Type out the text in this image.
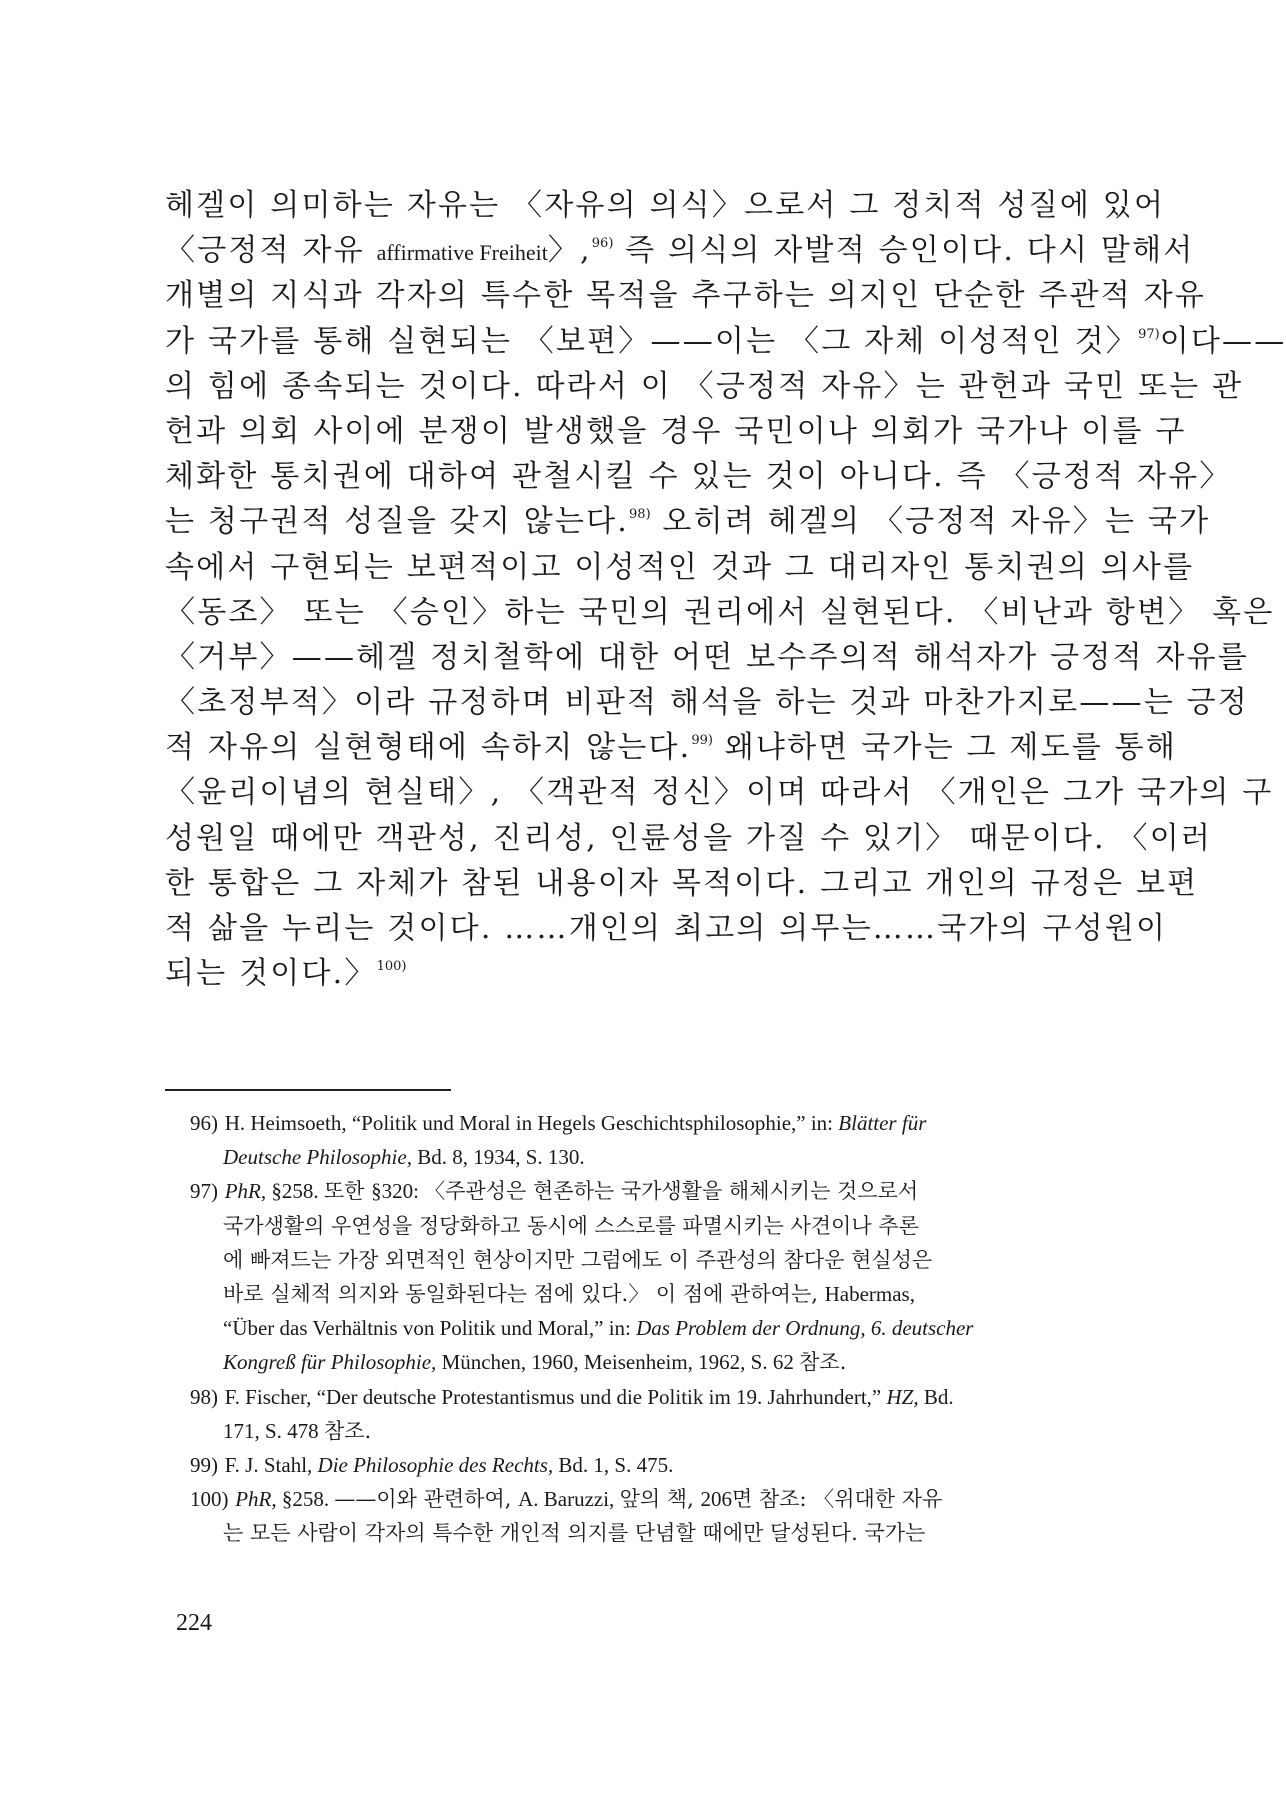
헤겔이 의미하는 자유는 〈자유의 의식〉으로서 그 정치적 성질에 있어
〈긍정적 자유 affirmative Freiheit〉,$^{96)}$ 즉 의식의 자발적 승인이다. 다시 말해서
개별의 지식과 각자의 특수한 목적을 추구하는 의지인 단순한 주관적 자유
가 국가를 통해 실현되는 〈보편〉——이는 〈그 자체 이성적인 것〉$^{97)}$이다——
의 힘에 종속되는 것이다. 따라서 이 〈긍정적 자유〉는 관헌과 국민 또는 관
헌과 의회 사이에 분쟁이 발생했을 경우 국민이나 의회가 국가나 이를 구
체화한 통치권에 대하여 관철시킬 수 있는 것이 아니다. 즉 〈긍정적 자유〉
는 청구권적 성질을 갖지 않는다.$^{98)}$ 오히려 헤겔의 〈긍정적 자유〉는 국가
속에서 구현되는 보편적이고 이성적인 것과 그 대리자인 통치권의 의사를
〈동조〉 또는 〈승인〉하는 국민의 권리에서 실현된다. 〈비난과 항변〉 혹은
〈거부〉——헤겔 정치철학에 대한 어떤 보수주의적 해석자가 긍정적 자유를
〈초정부적〉이라 규정하며 비판적 해석을 하는 것과 마찬가지로——는 긍정
적 자유의 실현형태에 속하지 않는다.$^{99)}$ 왜냐하면 국가는 그 제도를 통해
〈윤리이념의 현실태〉, 〈객관적 정신〉이며 따라서 〈개인은 그가 국가의 구
성원일 때에만 객관성, 진리성, 인륜성을 가질 수 있기〉 때문이다. 〈이러
한 통합은 그 자체가 참된 내용이자 목적이다. 그리고 개인의 규정은 보편
적 삶을 누리는 것이다. ……개인의 최고의 의무는……국가의 구성원이
되는 것이다.〉$^{100)}$
96) H. Heimsoeth, “Politik und Moral in Hegels Geschichtsphilosophie,” in: Blätter für
Deutsche Philosophie, Bd. 8, 1934, S. 130.
97) PhR, §258. 또한 §320: 〈주관성은 현존하는 국가생활을 해체시키는 것으로서
국가생활의 우연성을 정당화하고 동시에 스스로를 파멸시키는 사견이나 추론
에 빠져드는 가장 외면적인 현상이지만 그럼에도 이 주관성의 참다운 현실성은
바로 실체적 의지와 동일화된다는 점에 있다.〉 이 점에 관하여는, Habermas,
“Über das Verhältnis von Politik und Moral,” in: Das Problem der Ordnung, 6. deutscher
Kongreß für Philosophie, München, 1960, Meisenheim, 1962, S. 62 참조.
98) F. Fischer, “Der deutsche Protestantismus und die Politik im 19. Jahrhundert,” HZ, Bd.
171, S. 478 참조.
99) F. J. Stahl, Die Philosophie des Rechts, Bd. 1, S. 475.
100) PhR, §258. ——이와 관련하여, A. Baruzzi, 앞의 책, 206면 참조: 〈위대한 자유
는 모든 사람이 각자의 특수한 개인적 의지를 단념할 때에만 달성된다. 국가는
224
